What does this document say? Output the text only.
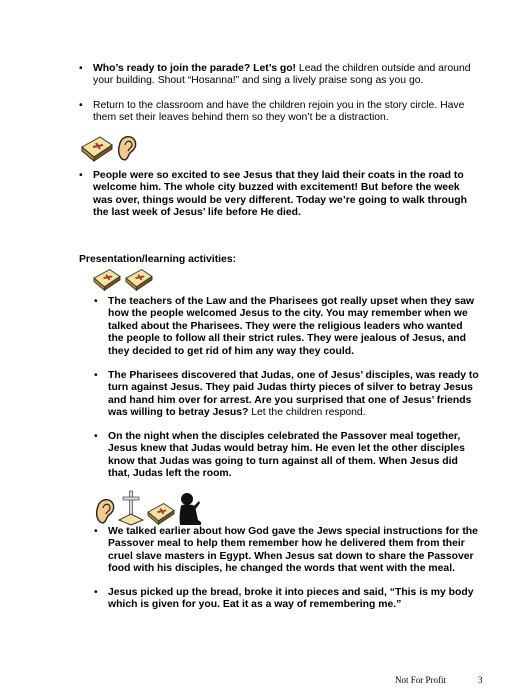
• Who’s ready to join the parade? Let’s go! Lead the children outside and around your building. Shout “Hosanna!” and sing a lively praise song as you go.
• Return to the classroom and have the children rejoin you in the story circle. Have them set their leaves behind them so they won’t be a distraction.
• People were so excited to see Jesus that they laid their coats in the road to welcome him. The whole city buzzed with excitement! But before the week was over, things would be very different. Today we’re going to walk through the last week of Jesus’ life before He died.
Presentation/learning activities:
• The teachers of the Law and the Pharisees got really upset when they saw how the people welcomed Jesus to the city. You may remember when we talked about the Pharisees. They were the religious leaders who wanted the people to follow all their strict rules. They were jealous of Jesus, and they decided to get rid of him any way they could.
• The Pharisees discovered that Judas, one of Jesus’ disciples, was ready to turn against Jesus. They paid Judas thirty pieces of silver to betray Jesus and hand him over for arrest. Are you surprised that one of Jesus’ friends was willing to betray Jesus? Let the children respond.
• On the night when the disciples celebrated the Passover meal together, Jesus knew that Judas would betray him. He even let the other disciples know that Judas was going to turn against all of them. When Jesus did that, Judas left the room.
• We talked earlier about how God gave the Jews special instructions for the Passover meal to help them remember how he delivered them from their cruel slave masters in Egypt. When Jesus sat down to share the Passover food with his disciples, he changed the words that went with the meal.
• Jesus picked up the bread, broke it into pieces and said, “This is my body which is given for you. Eat it as a way of remembering me.”
Not For Profit	3
